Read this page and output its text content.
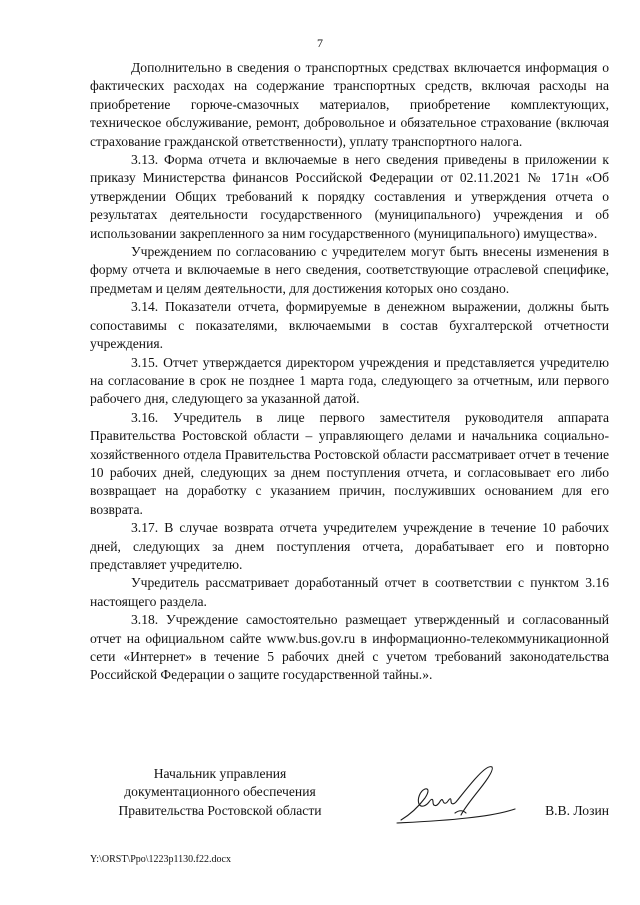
7

Дополнительно в сведения о транспортных средствах включается информация о фактических расходах на содержание транспортных средств, включая расходы на приобретение горюче-смазочных материалов, приобретение комплектующих, техническое обслуживание, ремонт, добровольное и обязательное страхование (включая страхование гражданской ответственности), уплату транспортного налога.

3.13. Форма отчета и включаемые в него сведения приведены в приложении к приказу Министерства финансов Российской Федерации от 02.11.2021 № 171н «Об утверждении Общих требований к порядку составления и утверждения отчета о результатах деятельности государственного (муниципального) учреждения и об использовании закрепленного за ним государственного (муниципального) имущества».

Учреждением по согласованию с учредителем могут быть внесены изменения в форму отчета и включаемые в него сведения, соответствующие отраслевой специфике, предметам и целям деятельности, для достижения которых оно создано.

3.14. Показатели отчета, формируемые в денежном выражении, должны быть сопоставимы с показателями, включаемыми в состав бухгалтерской отчетности учреждения.

3.15. Отчет утверждается директором учреждения и представляется учредителю на согласование в срок не позднее 1 марта года, следующего за отчетным, или первого рабочего дня, следующего за указанной датой.

3.16. Учредитель в лице первого заместителя руководителя аппарата Правительства Ростовской области – управляющего делами и начальника социально-хозяйственного отдела Правительства Ростовской области рассматривает отчет в течение 10 рабочих дней, следующих за днем поступления отчета, и согласовывает его либо возвращает на доработку с указанием причин, послуживших основанием для его возврата.

3.17. В случае возврата отчета учредителем учреждение в течение 10 рабочих дней, следующих за днем поступления отчета, дорабатывает его и повторно представляет учредителю.

Учредитель рассматривает доработанный отчет в соответствии с пунктом 3.16 настоящего раздела.

3.18. Учреждение самостоятельно размещает утвержденный и согласованный отчет на официальном сайте www.bus.gov.ru в информационно-телекоммуникационной сети «Интернет» в течение 5 рабочих дней с учетом требований законодательства Российской Федерации о защите государственной тайны.».

Начальник управления
документационного обеспечения
Правительства Ростовской области	В.В. Лозин
Y:\ORST\Ppo\1223p1130.f22.docx
